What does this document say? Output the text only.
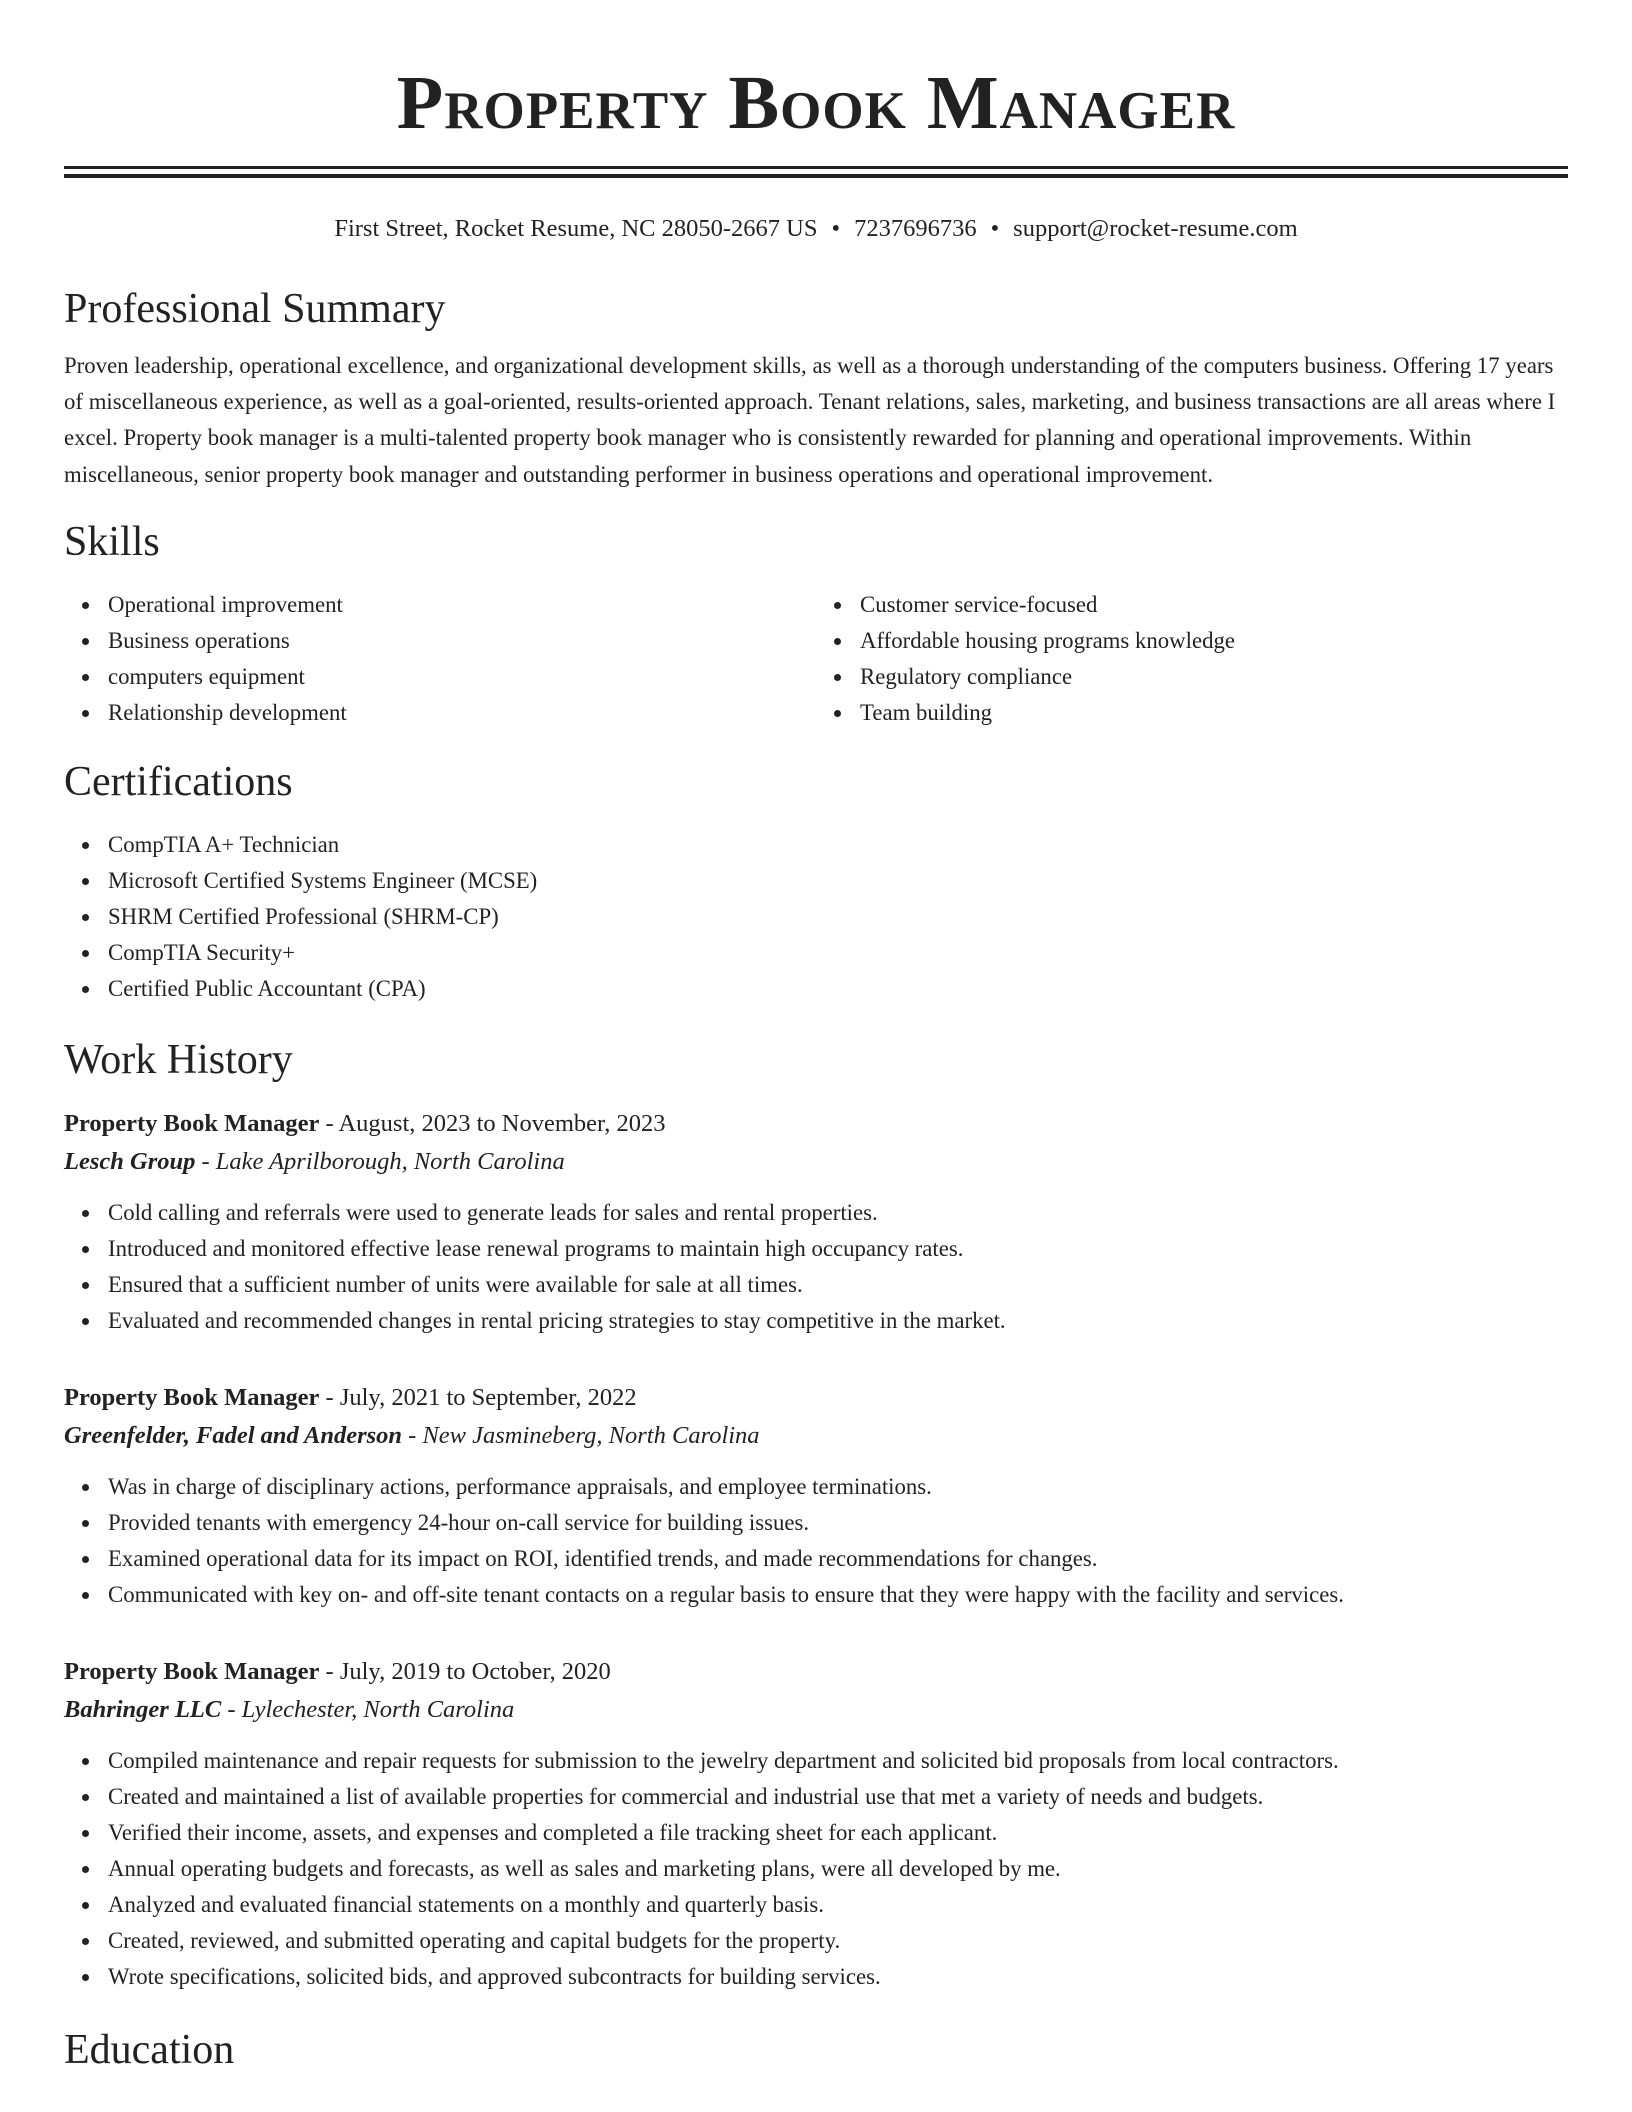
Property Book Manager
First Street, Rocket Resume, NC 28050-2667 US • 7237696736 • support@rocket-resume.com
Professional Summary

Proven leadership, operational excellence, and organizational development skills, as well as a thorough understanding of the computers business. Offering 17 years of miscellaneous experience, as well as a goal-oriented, results-oriented approach. Tenant relations, sales, marketing, and business transactions are all areas where I excel. Property book manager is a multi-talented property book manager who is consistently rewarded for planning and operational improvements. Within miscellaneous, senior property book manager and outstanding performer in business operations and operational improvement.

Skills
Operational improvement
Business operations
computers equipment
Relationship development
Customer service-focused
Affordable housing programs knowledge
Regulatory compliance
Team building
Certifications
CompTIA A+ Technician
Microsoft Certified Systems Engineer (MCSE)
SHRM Certified Professional (SHRM-CP)
CompTIA Security+
Certified Public Accountant (CPA)
Work History
Property Book Manager - August, 2023 to November, 2023
Lesch Group - Lake Aprilborough, North Carolina
Cold calling and referrals were used to generate leads for sales and rental properties.
Introduced and monitored effective lease renewal programs to maintain high occupancy rates.
Ensured that a sufficient number of units were available for sale at all times.
Evaluated and recommended changes in rental pricing strategies to stay competitive in the market.
Property Book Manager - July, 2021 to September, 2022
Greenfelder, Fadel and Anderson - New Jasmineberg, North Carolina
Was in charge of disciplinary actions, performance appraisals, and employee terminations.
Provided tenants with emergency 24-hour on-call service for building issues.
Examined operational data for its impact on ROI, identified trends, and made recommendations for changes.
Communicated with key on- and off-site tenant contacts on a regular basis to ensure that they were happy with the facility and services.
Property Book Manager - July, 2019 to October, 2020
Bahringer LLC - Lylechester, North Carolina
Compiled maintenance and repair requests for submission to the jewelry department and solicited bid proposals from local contractors.
Created and maintained a list of available properties for commercial and industrial use that met a variety of needs and budgets.
Verified their income, assets, and expenses and completed a file tracking sheet for each applicant.
Annual operating budgets and forecasts, as well as sales and marketing plans, were all developed by me.
Analyzed and evaluated financial statements on a monthly and quarterly basis.
Created, reviewed, and submitted operating and capital budgets for the property.
Wrote specifications, solicited bids, and approved subcontracts for building services.
Education
